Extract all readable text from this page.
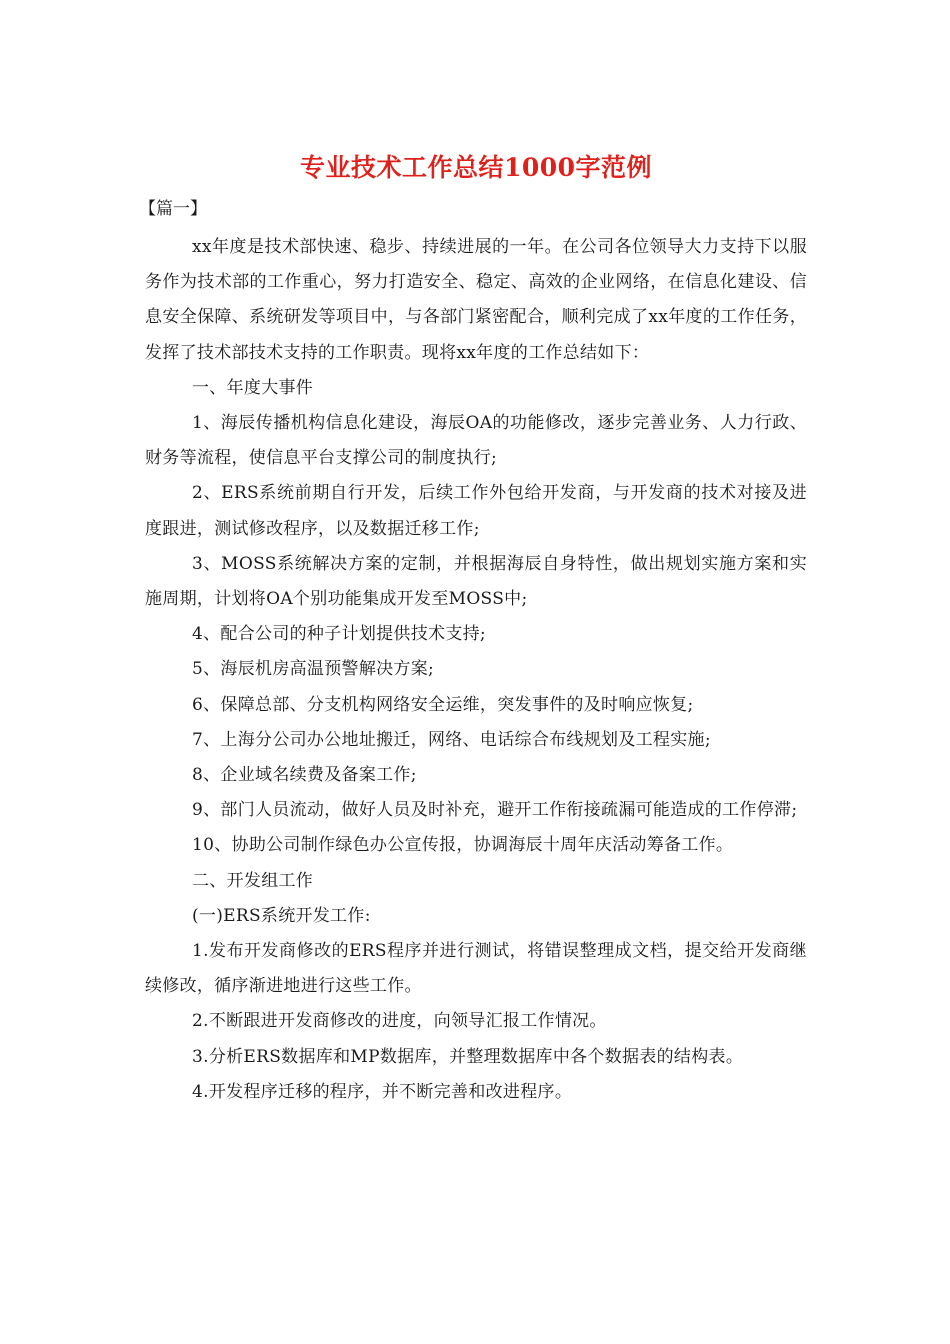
专业技术工作总结1000字范例
【篇一】

xx年度是技术部快速、稳步、持续进展的一年。在公司各位领导大力支持下以服务作为技术部的工作重心，努力打造安全、稳定、高效的企业网络，在信息化建设、信息安全保障、系统研发等项目中，与各部门紧密配合，顺利完成了xx年度的工作任务，发挥了技术部技术支持的工作职责。现将xx年度的工作总结如下：

一、年度大事件

1、海辰传播机构信息化建设，海辰OA的功能修改，逐步完善业务、人力行政、财务等流程，使信息平台支撑公司的制度执行;

2、ERS系统前期自行开发，后续工作外包给开发商，与开发商的技术对接及进度跟进，测试修改程序，以及数据迁移工作;

3、MOSS系统解决方案的定制，并根据海辰自身特性，做出规划实施方案和实施周期，计划将OA个别功能集成开发至MOSS中;

4、配合公司的种子计划提供技术支持;

5、海辰机房高温预警解决方案;

6、保障总部、分支机构网络安全运维，突发事件的及时响应恢复;

7、上海分公司办公地址搬迁，网络、电话综合布线规划及工程实施;

8、企业域名续费及备案工作;

9、部门人员流动，做好人员及时补充，避开工作衔接疏漏可能造成的工作停滞;

10、协助公司制作绿色办公宣传报，协调海辰十周年庆活动筹备工作。

二、开发组工作

(一)ERS系统开发工作:

1.发布开发商修改的ERS程序并进行测试，将错误整理成文档，提交给开发商继续修改，循序渐进地进行这些工作。

2.不断跟进开发商修改的进度，向领导汇报工作情况。

3.分析ERS数据库和MP数据库，并整理数据库中各个数据表的结构表。

4.开发程序迁移的程序，并不断完善和改进程序。
